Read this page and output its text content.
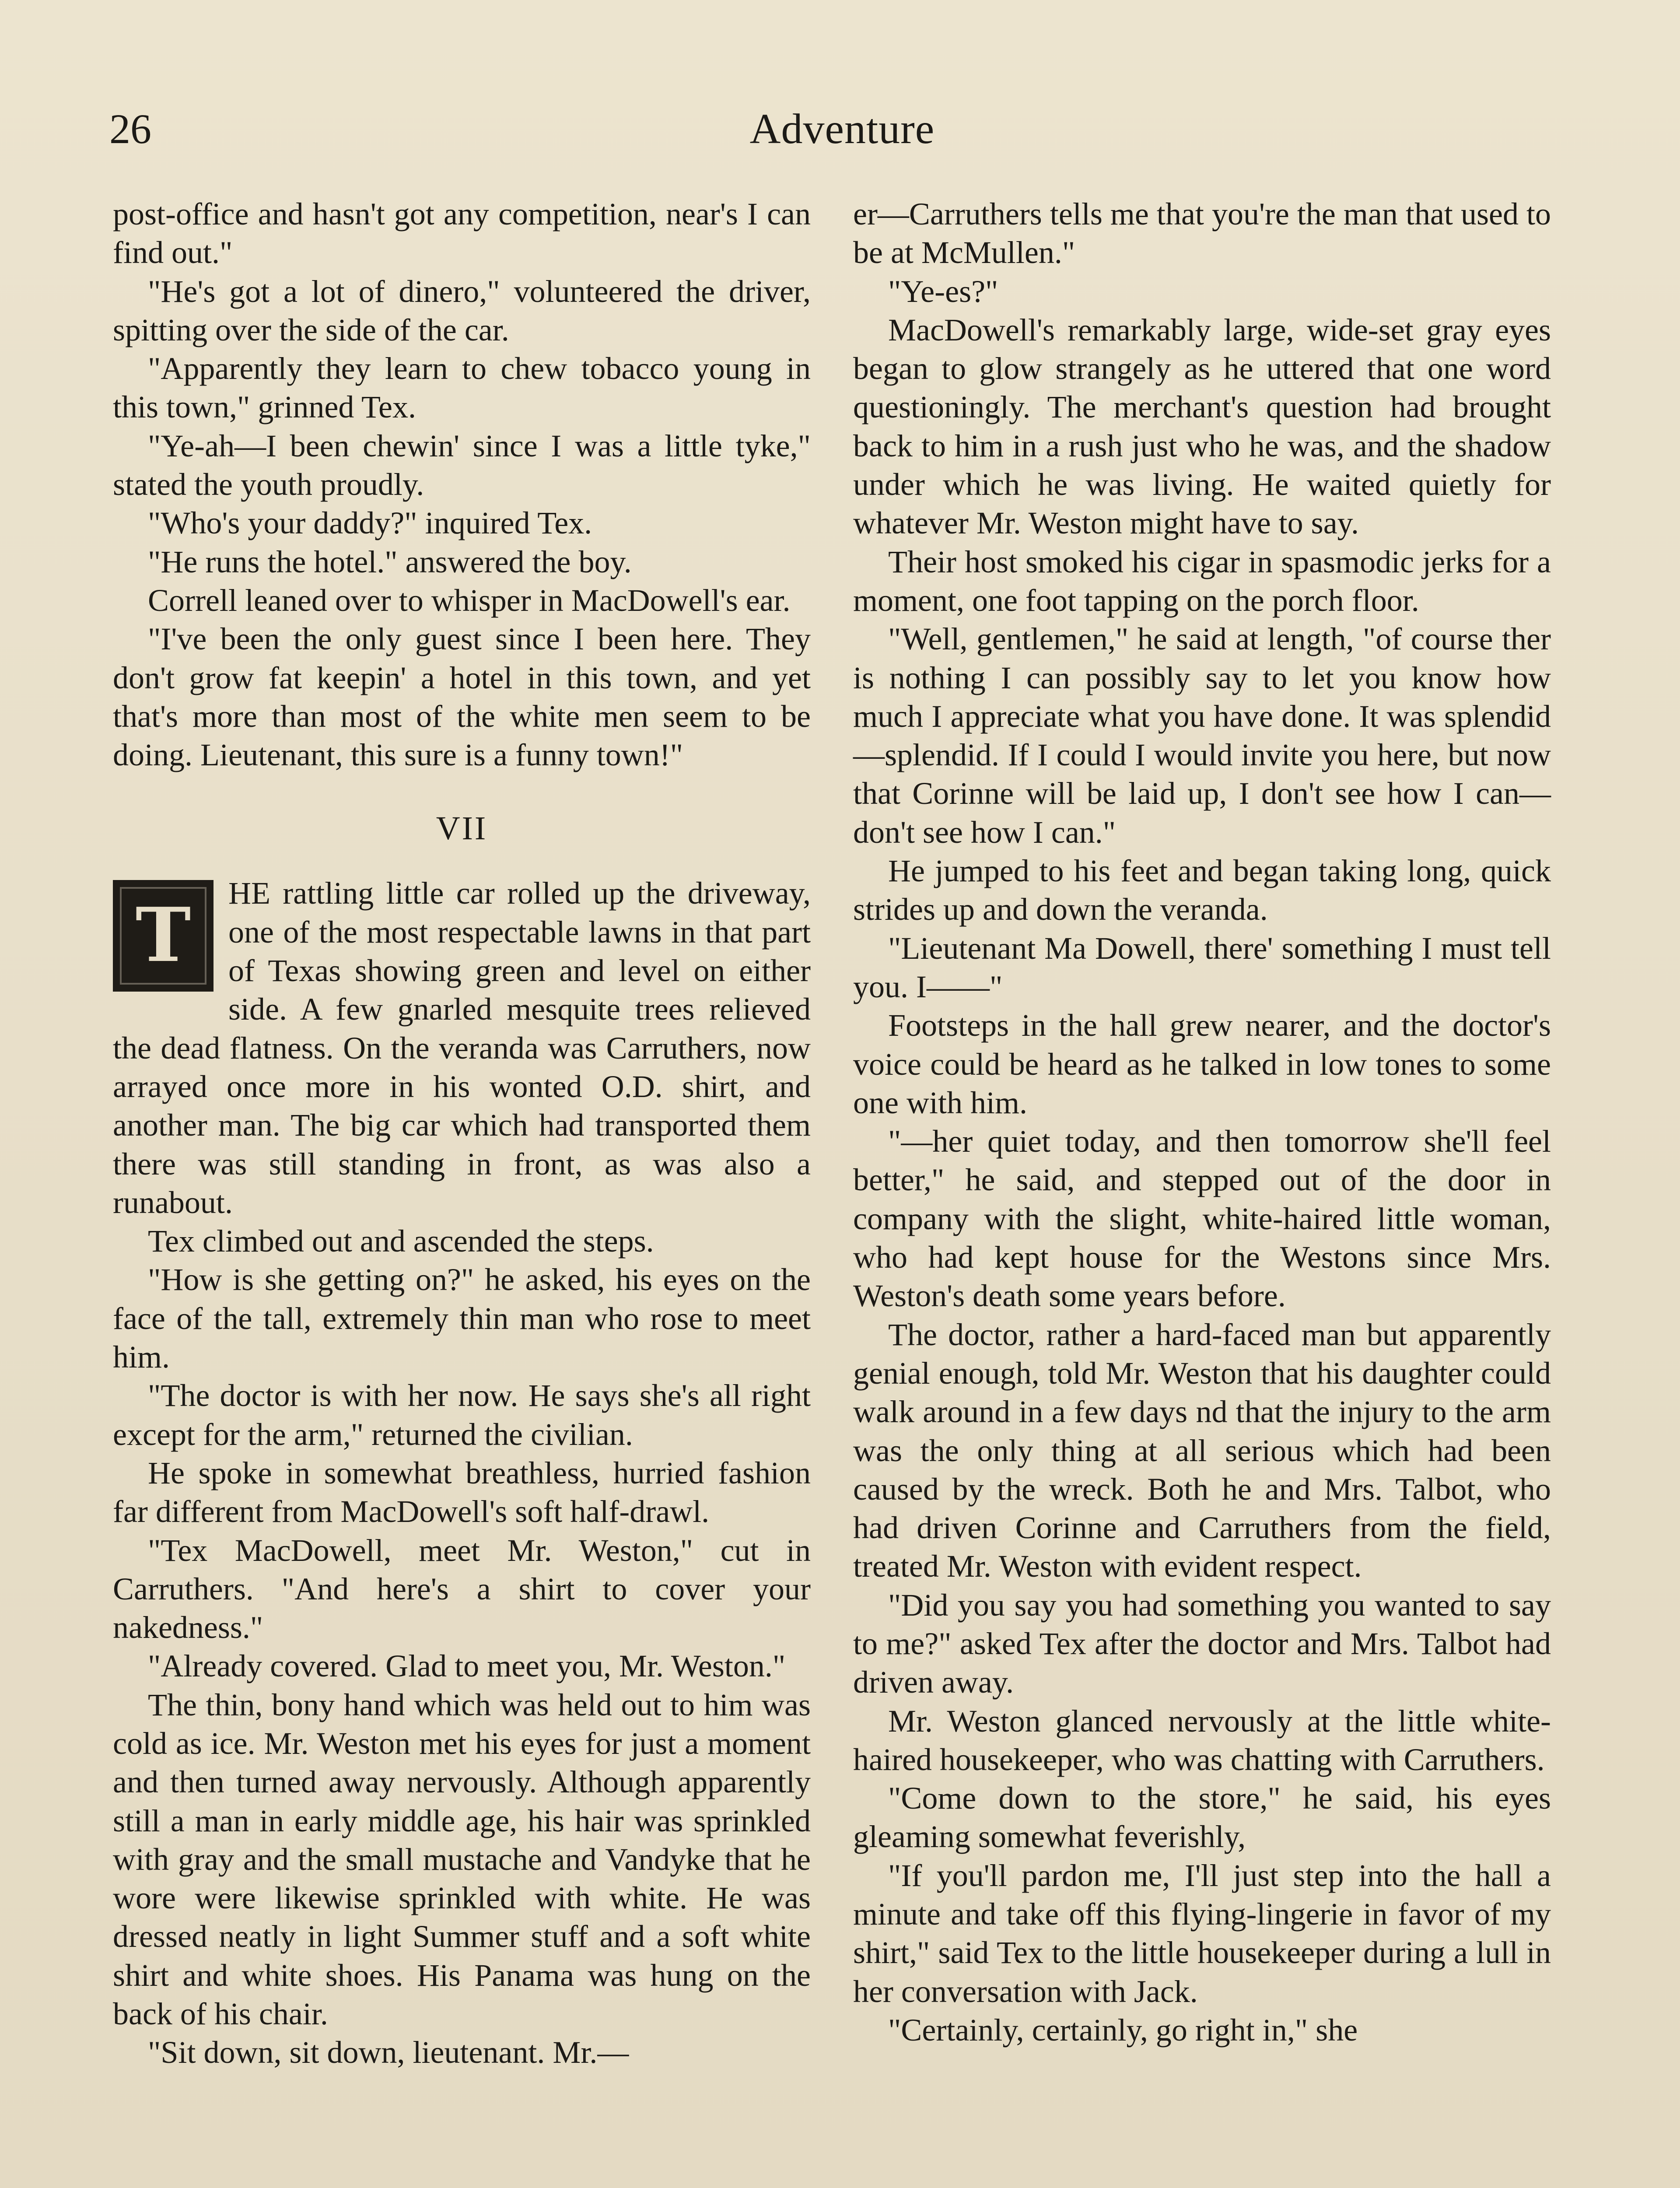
26	Adventure

post-office and hasn't got any competition, near's I can find out."

"He's got a lot of dinero," volunteered the driver, spitting over the side of the car.

"Apparently they learn to chew tobacco young in this town," grinned Tex.

"Ye-ah—I been chewin' since I was a little tyke," stated the youth proudly.

"Who's your daddy?" inquired Tex.

"He runs the hotel." answered the boy.

Correll leaned over to whisper in MacDowell's ear.

"I've been the only guest since I been here. They don't grow fat keepin' a hotel in this town, and yet that's more than most of the white men seem to be doing. Lieutenant, this sure is a funny town!"

VII
T	HE rattling little car rolled up the driveway, one of the most respectable lawns in that part of Texas showing green and level on either side. A few gnarled mesquite trees relieved the dead flatness. On the veranda was Carruthers, now arrayed once more in his wonted O.D. shirt, and another man. The big car which had transported them there was still standing in front, as was also a runabout.

Tex climbed out and ascended the steps.

"How is she getting on?" he asked, his eyes on the face of the tall, extremely thin man who rose to meet him.

"The doctor is with her now. He says she's all right except for the arm," returned the civilian.

He spoke in somewhat breathless, hurried fashion far different from MacDowell's soft half-drawl.

"Tex MacDowell, meet Mr. Weston," cut in Carruthers. "And here's a shirt to cover your nakedness."

"Already covered. Glad to meet you, Mr. Weston."

The thin, bony hand which was held out to him was cold as ice. Mr. Weston met his eyes for just a moment and then turned away nervously. Although apparently still a man in early middle age, his hair was sprinkled with gray and the small mustache and Vandyke that he wore were likewise sprinkled with white. He was dressed neatly in light Summer stuff and a soft white shirt and white shoes. His Panama was hung on the back of his chair.

"Sit down, sit down, lieutenant. Mr.—

er—Carruthers tells me that you're the man that used to be at McMullen."

"Ye-es?"

MacDowell's remarkably large, wide-set gray eyes began to glow strangely as he uttered that one word questioningly. The merchant's question had brought back to him in a rush just who he was, and the shadow under which he was living. He waited quietly for whatever Mr. Weston might have to say.

Their host smoked his cigar in spasmodic jerks for a moment, one foot tapping on the porch floor.

"Well, gentlemen," he said at length, "of course ther is nothing I can possibly say to let you know how much I appreciate what you have done. It was splendid—splendid. If I could I would invite you here, but now that Corinne will be laid up, I don't see how I can—don't see how I can."

He jumped to his feet and began taking long, quick strides up and down the veranda.

"Lieutenant Ma Dowell, there' something I must tell you. I——"

Footsteps in the hall grew nearer, and the doctor's voice could be heard as he talked in low tones to some one with him.

"—her quiet today, and then tomorrow she'll feel better," he said, and stepped out of the door in company with the slight, white-haired little woman, who had kept house for the Westons since Mrs. Weston's death some years before.

The doctor, rather a hard-faced man but apparently genial enough, told Mr. Weston that his daughter could walk around in a few days nd that the injury to the arm was the only thing at all serious which had been caused by the wreck. Both he and Mrs. Talbot, who had driven Corinne and Carruthers from the field, treated Mr. Weston with evident respect.

"Did you say you had something you wanted to say to me?" asked Tex after the doctor and Mrs. Talbot had driven away.

Mr. Weston glanced nervously at the little white-haired housekeeper, who was chatting with Carruthers.

"Come down to the store," he said, his eyes gleaming somewhat feverishly,

"If you'll pardon me, I'll just step into the hall a minute and take off this flying-lingerie in favor of my shirt," said Tex to the little housekeeper during a lull in her conversation with Jack.

"Certainly, certainly, go right in," she
